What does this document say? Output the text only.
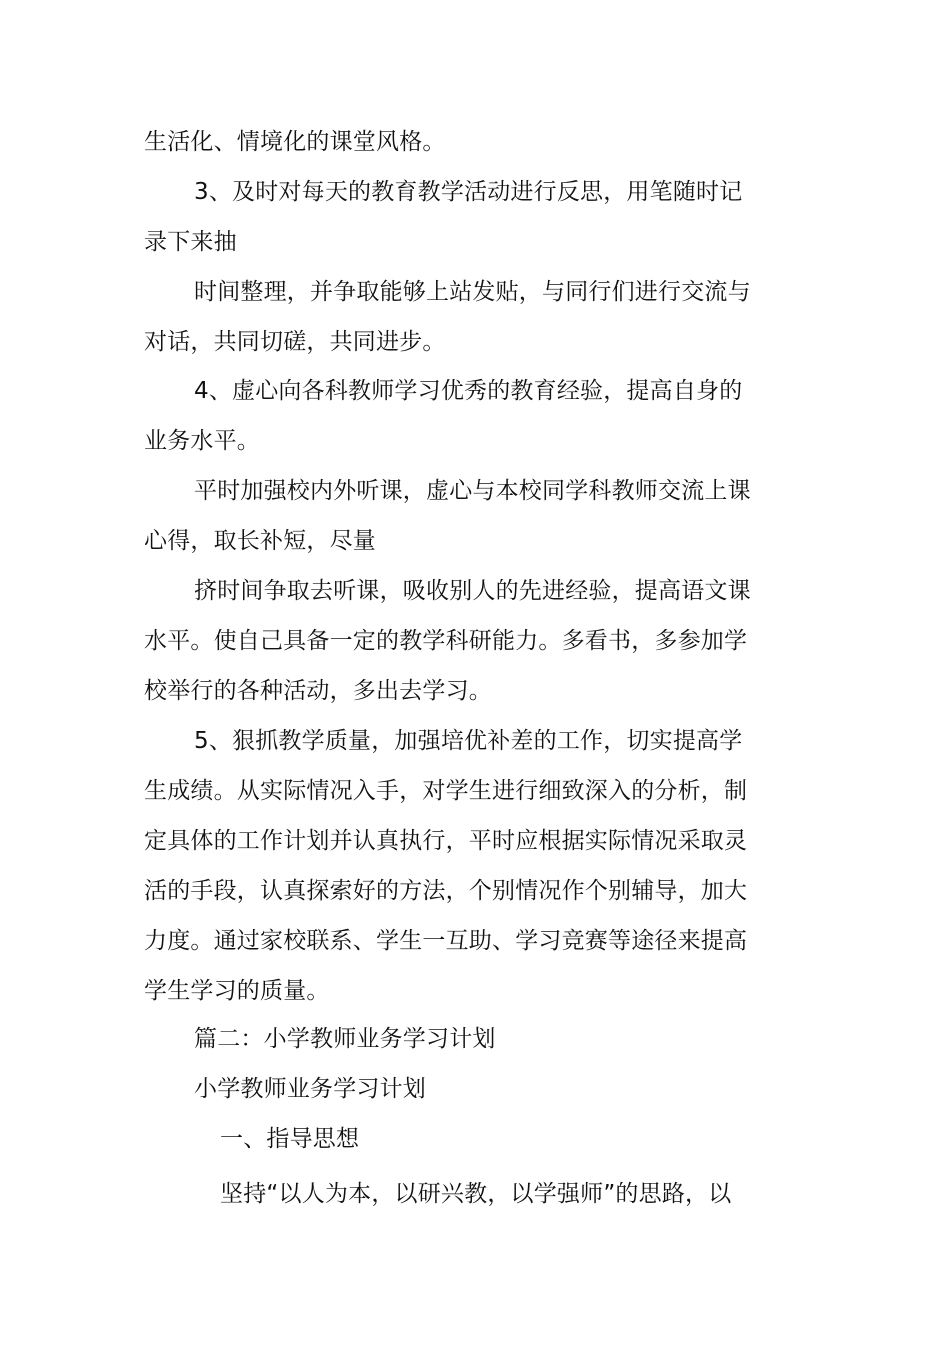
生活化、情境化的课堂风格。
3、及时对每天的教育教学活动进行反思，用笔随时记
录下来抽
时间整理，并争取能够上站发贴，与同行们进行交流与
对话，共同切磋，共同进步。
4、虚心向各科教师学习优秀的教育经验，提高自身的
业务水平。
平时加强校内外听课，虚心与本校同学科教师交流上课
心得，取长补短，尽量
挤时间争取去听课，吸收别人的先进经验，提高语文课
水平。使自己具备一定的教学科研能力。多看书，多参加学
校举行的各种活动，多出去学习。
5、狠抓教学质量，加强培优补差的工作，切实提高学
生成绩。从实际情况入手，对学生进行细致深入的分析，制
定具体的工作计划并认真执行，平时应根据实际情况采取灵
活的手段，认真探索好的方法，个别情况作个别辅导，加大
力度。通过家校联系、学生一互助、学习竞赛等途径来提高
学生学习的质量。
篇二：小学教师业务学习计划
小学教师业务学习计划
一、指导思想
坚持“以人为本，以研兴教，以学强师”的思路，以
